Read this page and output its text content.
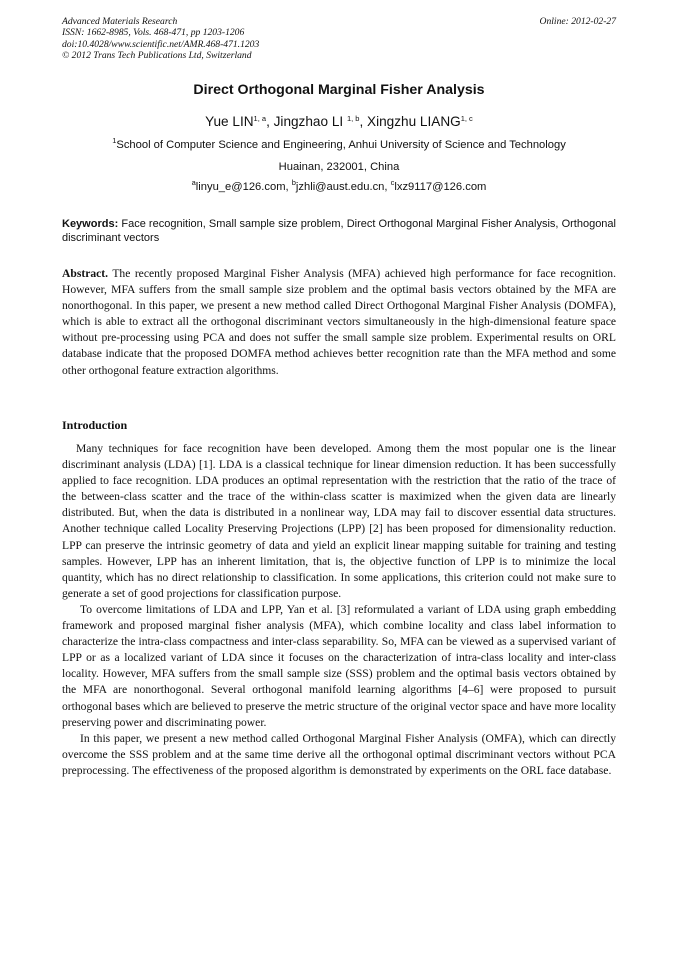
Advanced Materials Research
ISSN: 1662-8985, Vols. 468-471, pp 1203-1206
doi:10.4028/www.scientific.net/AMR.468-471.1203
© 2012 Trans Tech Publications Ltd, Switzerland
Online: 2012-02-27
Direct Orthogonal Marginal Fisher Analysis
Yue LIN$^{1, a}$, Jingzhao LI $^{1, b}$, Xingzhu LIANG$^{1, c}$
$^1$School of Computer Science and Engineering, Anhui University of Science and Technology
Huainan, 232001, China
$^a$linyu_e@126.com, $^b$jzhli@aust.edu.cn, $^c$lxz9117@126.com
Keywords: Face recognition, Small sample size problem, Direct Orthogonal Marginal Fisher Analysis, Orthogonal discriminant vectors
Abstract. The recently proposed Marginal Fisher Analysis (MFA) achieved high performance for face recognition. However, MFA suffers from the small sample size problem and the optimal basis vectors obtained by the MFA are nonorthogonal. In this paper, we present a new method called Direct Orthogonal Marginal Fisher Analysis (DOMFA), which is able to extract all the orthogonal discriminant vectors simultaneously in the high-dimensional feature space without pre-processing using PCA and does not suffer the small sample size problem. Experimental results on ORL database indicate that the proposed DOMFA method achieves better recognition rate than the MFA method and some other orthogonal feature extraction algorithms.
Introduction

Many techniques for face recognition have been developed. Among them the most popular one is the linear discriminant analysis (LDA) [1]. LDA is a classical technique for linear dimension reduction. It has been successfully applied to face recognition. LDA produces an optimal representation with the restriction that the ratio of the trace of the between-class scatter and the trace of the within-class scatter is maximized when the given data are linearly distributed. But, when the data is distributed in a nonlinear way, LDA may fail to discover essential data structures. Another technique called Locality Preserving Projections (LPP) [2] has been proposed for dimensionality reduction. LPP can preserve the intrinsic geometry of data and yield an explicit linear mapping suitable for training and testing samples. However, LPP has an inherent limitation, that is, the objective function of LPP is to minimize the local quantity, which has no direct relationship to classification. In some applications, this criterion could not make sure to generate a set of good projections for classification purpose.

To overcome limitations of LDA and LPP, Yan et al. [3] reformulated a variant of LDA using graph embedding framework and proposed marginal fisher analysis (MFA), which combine locality and class label information to characterize the intra-class compactness and inter-class separability. So, MFA can be viewed as a supervised variant of LPP or as a localized variant of LDA since it focuses on the characterization of intra-class locality and inter-class locality. However, MFA suffers from the small sample size (SSS) problem and the optimal basis vectors obtained by the MFA are nonorthogonal. Several orthogonal manifold learning algorithms [4–6] were proposed to pursuit orthogonal bases which are believed to preserve the metric structure of the original vector space and have more locality preserving power and discriminating power.

In this paper, we present a new method called Orthogonal Marginal Fisher Analysis (OMFA), which can directly overcome the SSS problem and at the same time derive all the orthogonal optimal discriminant vectors without PCA preprocessing. The effectiveness of the proposed algorithm is demonstrated by experiments on the ORL face database.
